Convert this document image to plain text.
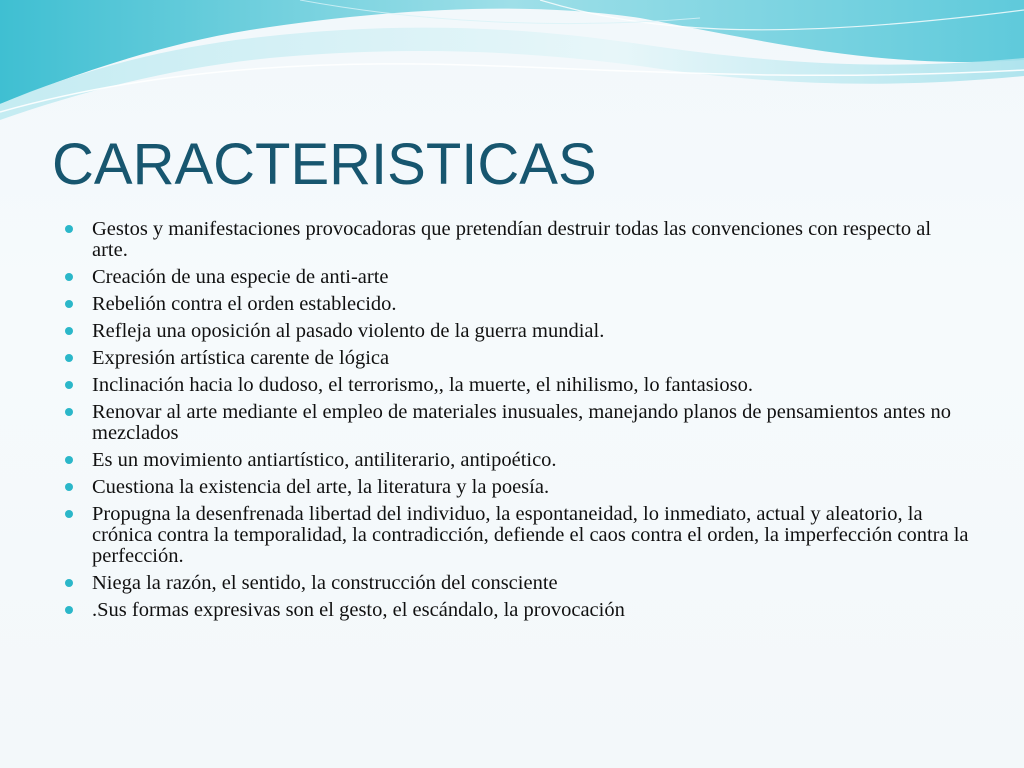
CARACTERISTICAS
Gestos y manifestaciones provocadoras que pretendían destruir todas las convenciones con respecto al arte.
Creación de una especie de anti-arte
Rebelión contra el orden establecido.
Refleja una oposición al pasado violento de la guerra mundial.
Expresión artística carente de lógica
Inclinación hacia lo dudoso, el terrorismo,, la muerte, el nihilismo, lo fantasioso.
Renovar al arte mediante el empleo de materiales inusuales, manejando planos de pensamientos antes no mezclados
Es un movimiento antiartístico, antiliterario, antipoético.
Cuestiona la existencia del arte, la literatura y la poesía.
Propugna la desenfrenada libertad del individuo, la espontaneidad, lo inmediato, actual y aleatorio, la crónica contra la temporalidad, la contradicción, defiende el caos contra el orden, la imperfección contra la perfección.
Niega la razón, el sentido, la construcción del consciente
.Sus formas expresivas son el gesto, el escándalo, la provocación
